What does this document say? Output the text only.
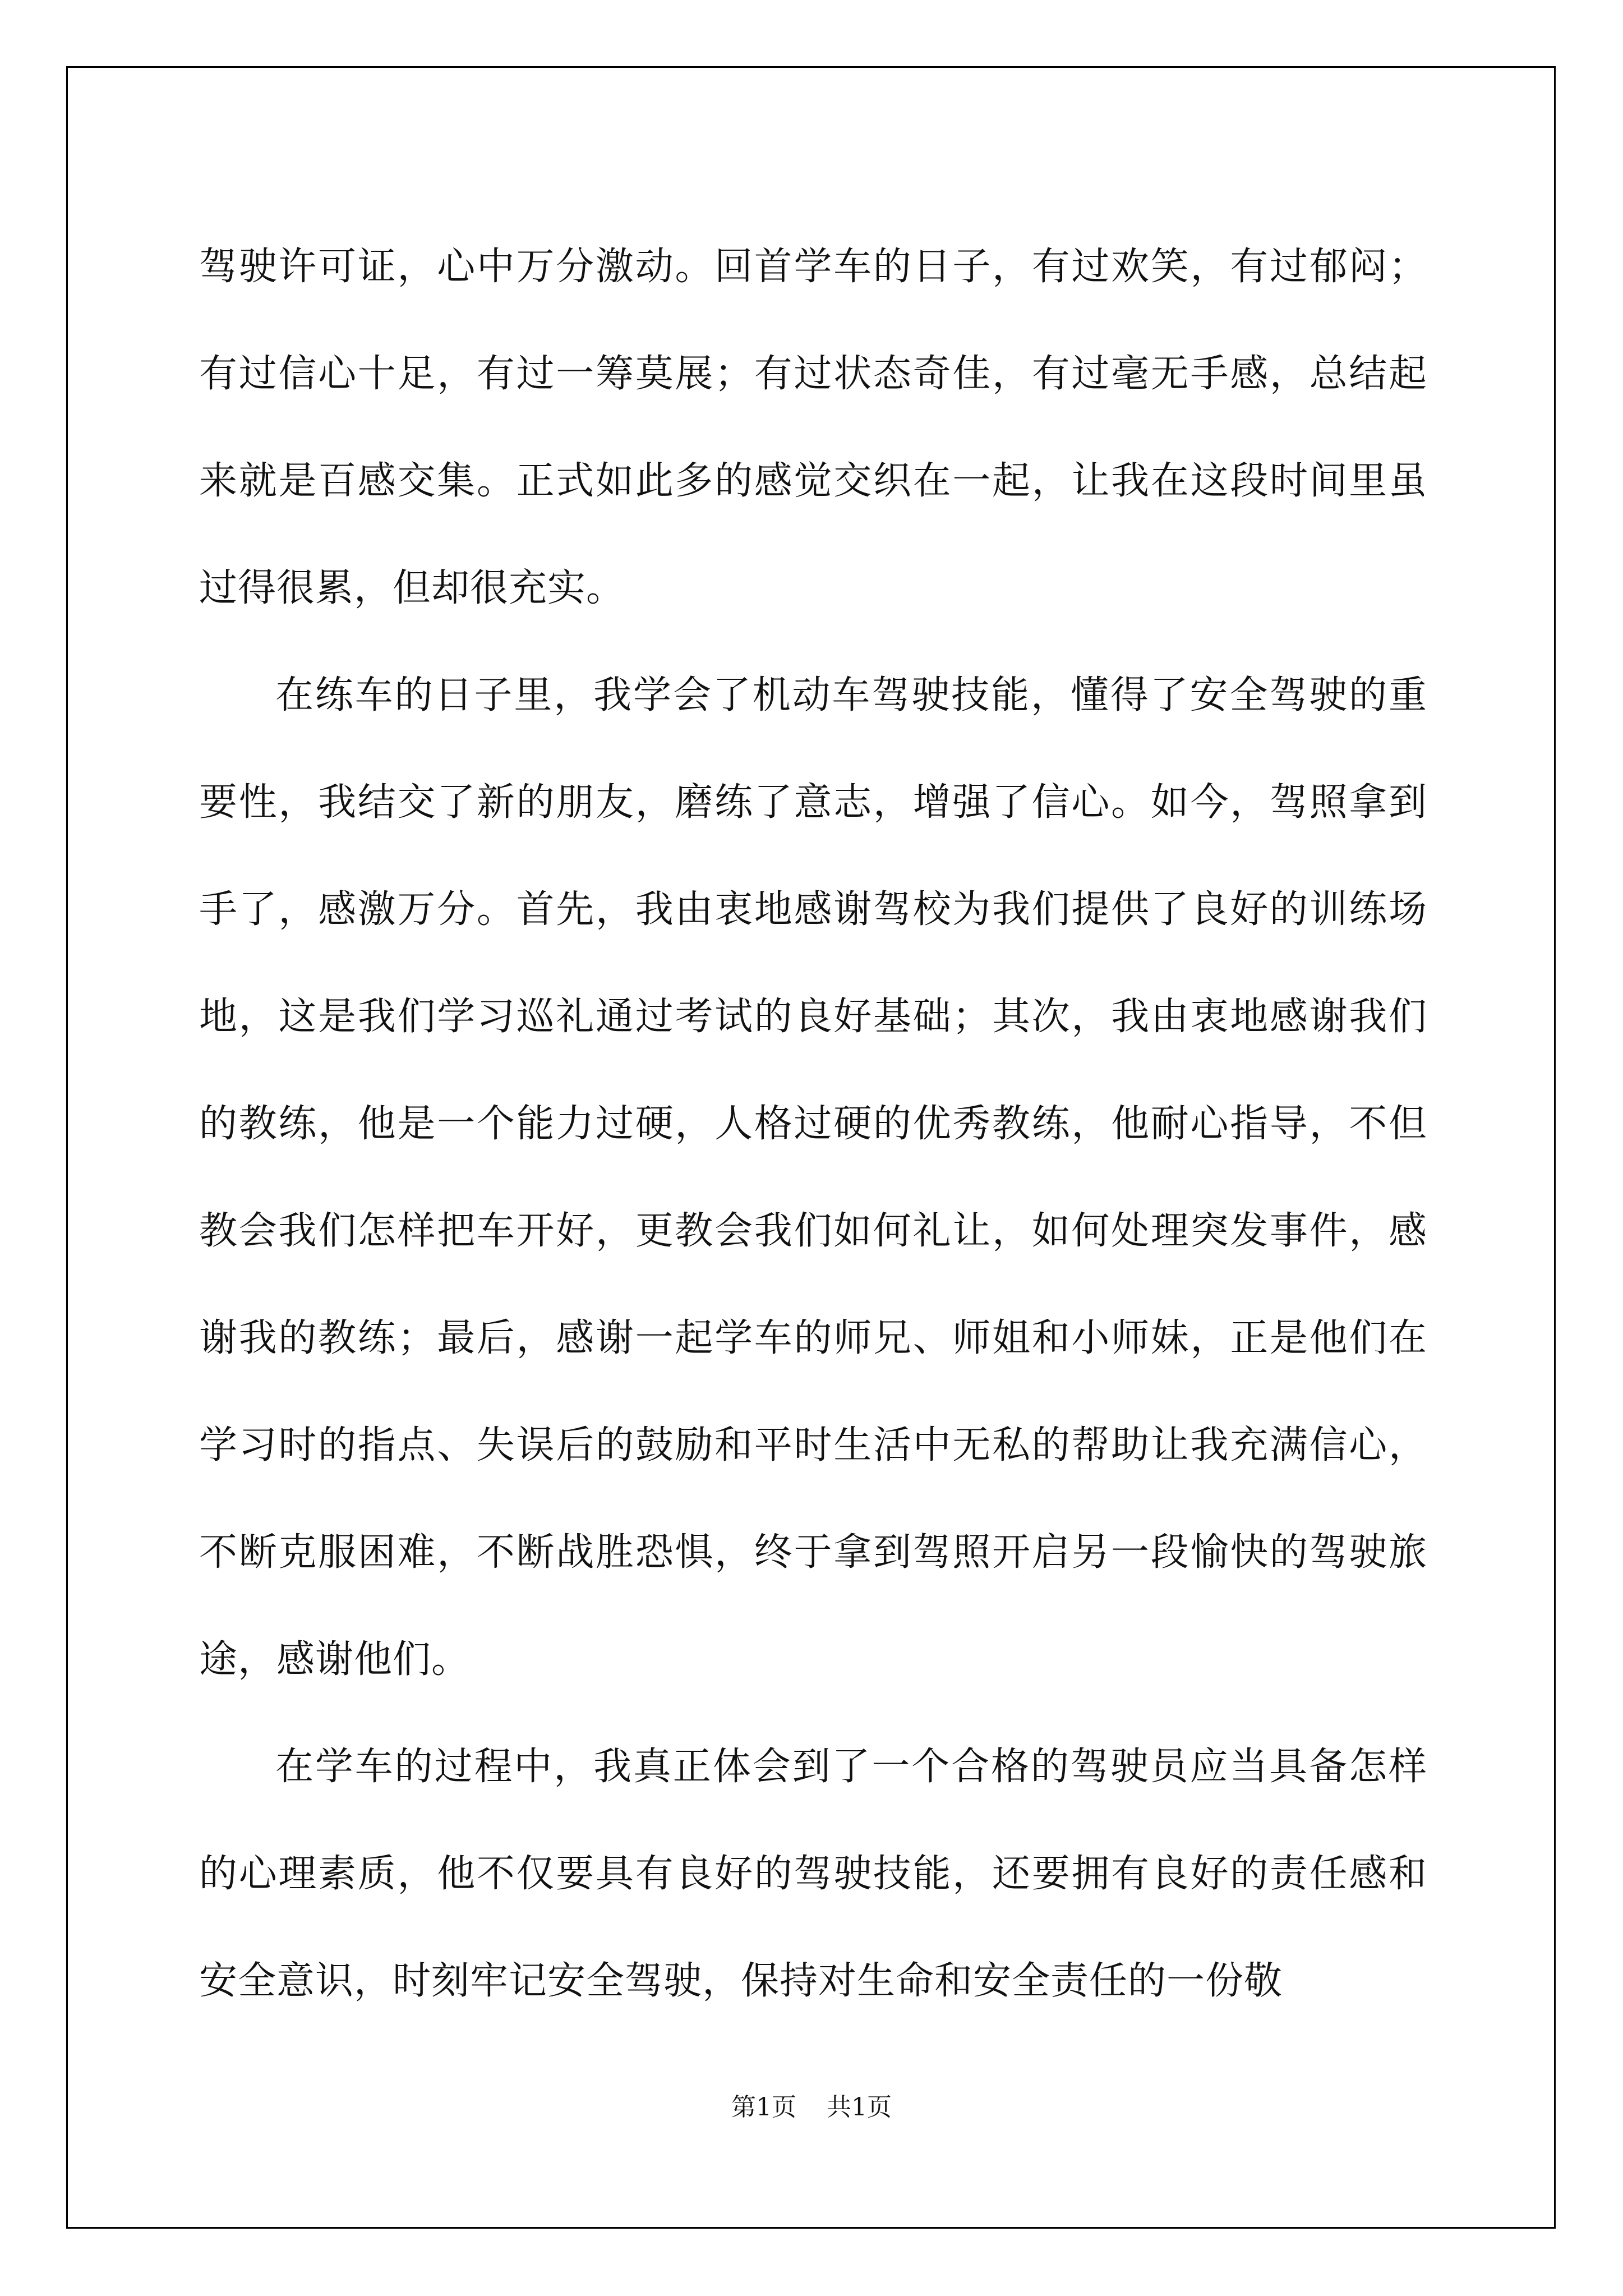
驾驶许可证，心中万分激动。回首学车的日子，有过欢笑，有过郁闷；有过信心十足，有过一筹莫展；有过状态奇佳，有过毫无手感，总结起来就是百感交集。正式如此多的感觉交织在一起，让我在这段时间里虽过得很累，但却很充实。

在练车的日子里，我学会了机动车驾驶技能，懂得了安全驾驶的重要性，我结交了新的朋友，磨练了意志，增强了信心。如今，驾照拿到手了，感激万分。首先，我由衷地感谢驾校为我们提供了良好的训练场地，这是我们学习巡礼通过考试的良好基础；其次，我由衷地感谢我们的教练，他是一个能力过硬，人格过硬的优秀教练，他耐心指导，不但教会我们怎样把车开好，更教会我们如何礼让，如何处理突发事件，感谢我的教练；最后，感谢一起学车的师兄、师姐和小师妹，正是他们在学习时的指点、失误后的鼓励和平时生活中无私的帮助让我充满信心，不断克服困难，不断战胜恐惧，终于拿到驾照开启另一段愉快的驾驶旅途，感谢他们。

在学车的过程中，我真正体会到了一个合格的驾驶员应当具备怎样的心理素质，他不仅要具有良好的驾驶技能，还要拥有良好的责任感和安全意识，时刻牢记安全驾驶，保持对生命和安全责任的一份敬

第1页 共1页
